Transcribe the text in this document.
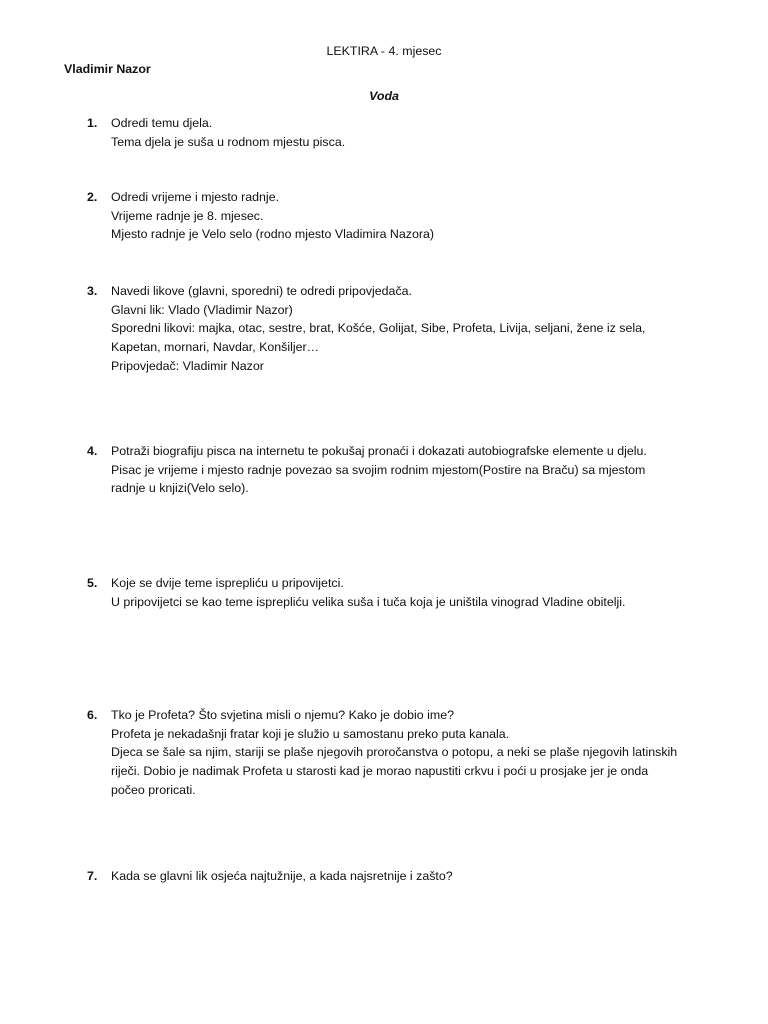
LEKTIRA - 4. mjesec
Vladimir Nazor
Voda
1. Odredi temu djela.
Tema djela je suša u rodnom mjestu pisca.
2. Odredi vrijeme i mjesto radnje.
Vrijeme radnje je 8. mjesec.
Mjesto radnje je Velo selo (rodno mjesto Vladimira Nazora)
3. Navedi likove (glavni, sporedni) te odredi pripovjedača.
Glavni lik: Vlado (Vladimir Nazor)
Sporedni likovi: majka, otac, sestre, brat, Košće, Golijat, Sibe, Profeta, Livija, seljani, žene iz sela,
Kapetan, mornari, Navdar, Konšiljer…
Pripovjedač: Vladimir Nazor
4. Potraži biografiju pisca na internetu te pokušaj pronaći i dokazati autobiografske elemente u djelu.
Pisac je vrijeme i mjesto radnje povezao sa svojim rodnim mjestom(Postire na Braču) sa mjestom
radnje u knjizi(Velo selo).
5. Koje se dvije teme isprepliću u pripovijetci.
U pripovijetci se kao teme isprepliću velika suša i tuča koja je uništila vinograd Vladine obitelji.
6. Tko je Profeta? Što svjetina misli o njemu? Kako je dobio ime?
Profeta je nekadašnji fratar koji je služio u samostanu preko puta kanala.
Djeca se šale sa njim, stariji se plaše njegovih proročanstva o potopu, a neki se plaše njegovih latinskih
riječi. Dobio je nadimak Profeta u starosti kad je morao napustiti crkvu i poći u prosjake jer je onda
počeo proricati.
7. Kada se glavni lik osjeća najtužnije, a kada najsretnije i zašto?
